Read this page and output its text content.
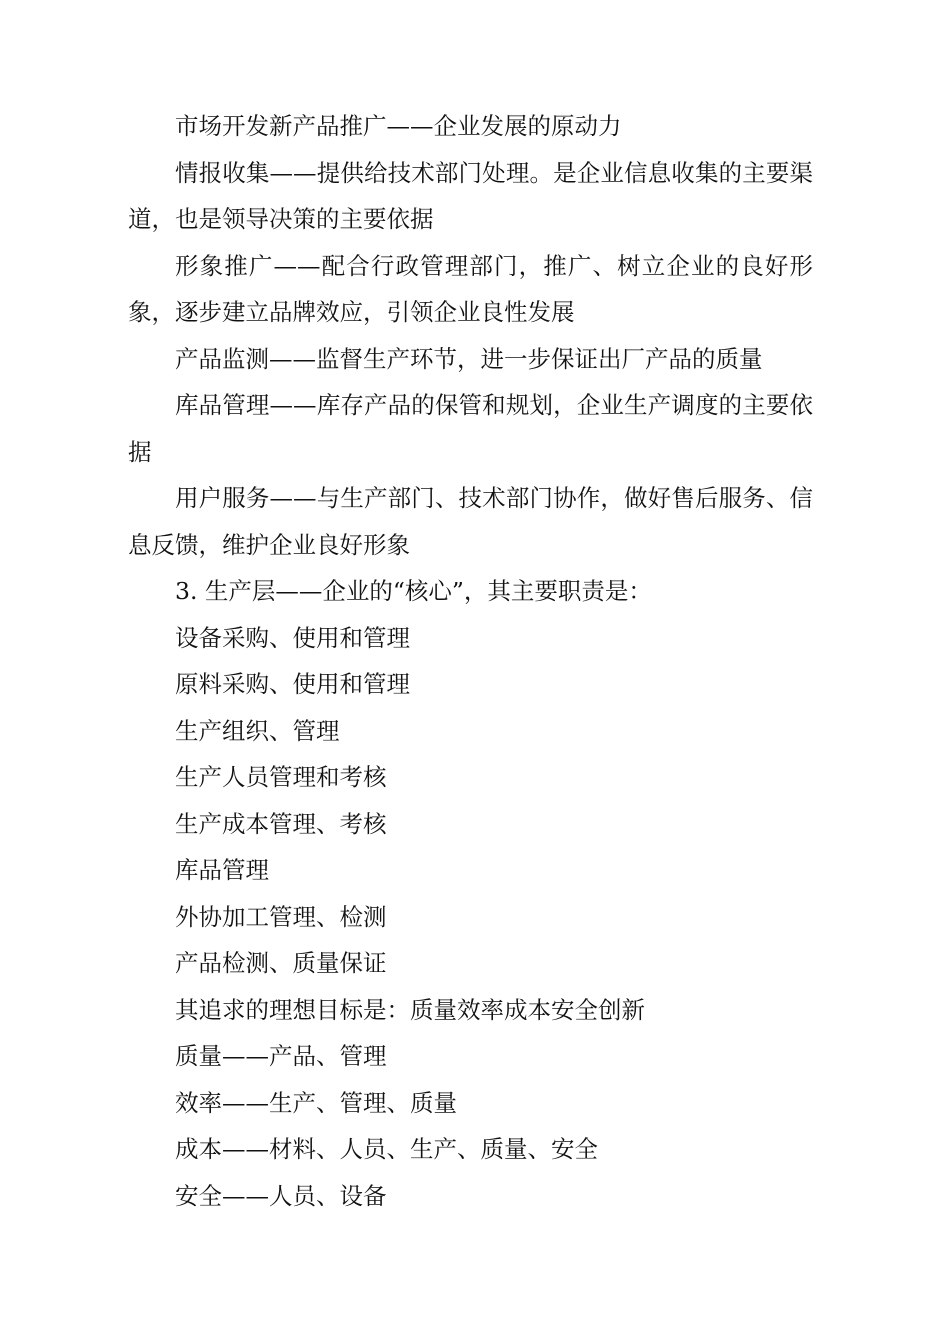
市场开发新产品推广——企业发展的原动力

情报收集——提供给技术部门处理。是企业信息收集的主要渠道，也是领导决策的主要依据

形象推广——配合行政管理部门，推广、树立企业的良好形象，逐步建立品牌效应，引领企业良性发展

产品监测——监督生产环节，进一步保证出厂产品的质量

库品管理——库存产品的保管和规划，企业生产调度的主要依据

用户服务——与生产部门、技术部门协作，做好售后服务、信息反馈，维护企业良好形象

3. 生产层——企业的“核心”，其主要职责是：

设备采购、使用和管理

原料采购、使用和管理

生产组织、管理

生产人员管理和考核

生产成本管理、考核

库品管理

外协加工管理、检测

产品检测、质量保证

其追求的理想目标是：质量效率成本安全创新

质量——产品、管理

效率——生产、管理、质量

成本——材料、人员、生产、质量、安全

安全——人员、设备
